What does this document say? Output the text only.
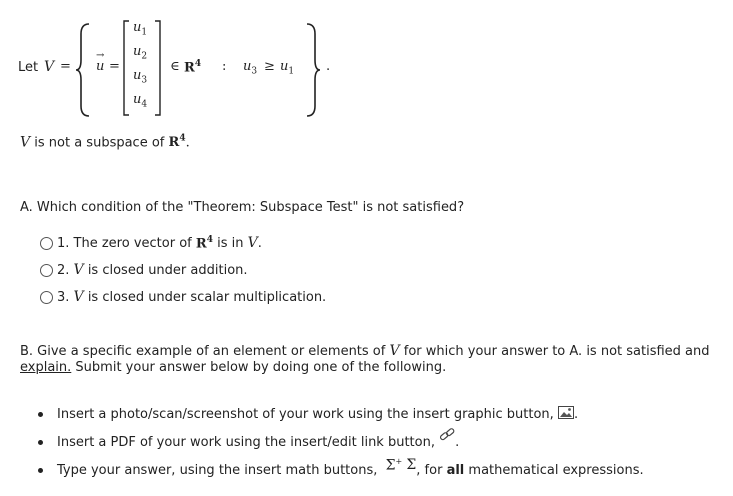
Let V =
→
u =
$u_1$
$u_2$
$u_3$
$u_4$
∈ $R^4$ : $u_3 \ge u_1$ .
V is not a subspace of $R^4$.
A. Which condition of the "Theorem: Subspace Test" is not satisfied?
1.
The zero vector of
$R^4$
is in
V .
2.
V
is closed under addition.
3.
V
is closed under scalar multiplication.
B. Give a specific example of an element or elements of V for which your answer to A. is not satisfied and
explain. Submit your answer below by doing one of the following.
Insert a photo/scan/screenshot of your work using the insert graphic button,
.
Insert a PDF of your work using the insert/edit link button,
.
Type your answer, using the insert math buttons,
Σ+
Σ , for
all
mathematical expressions.
